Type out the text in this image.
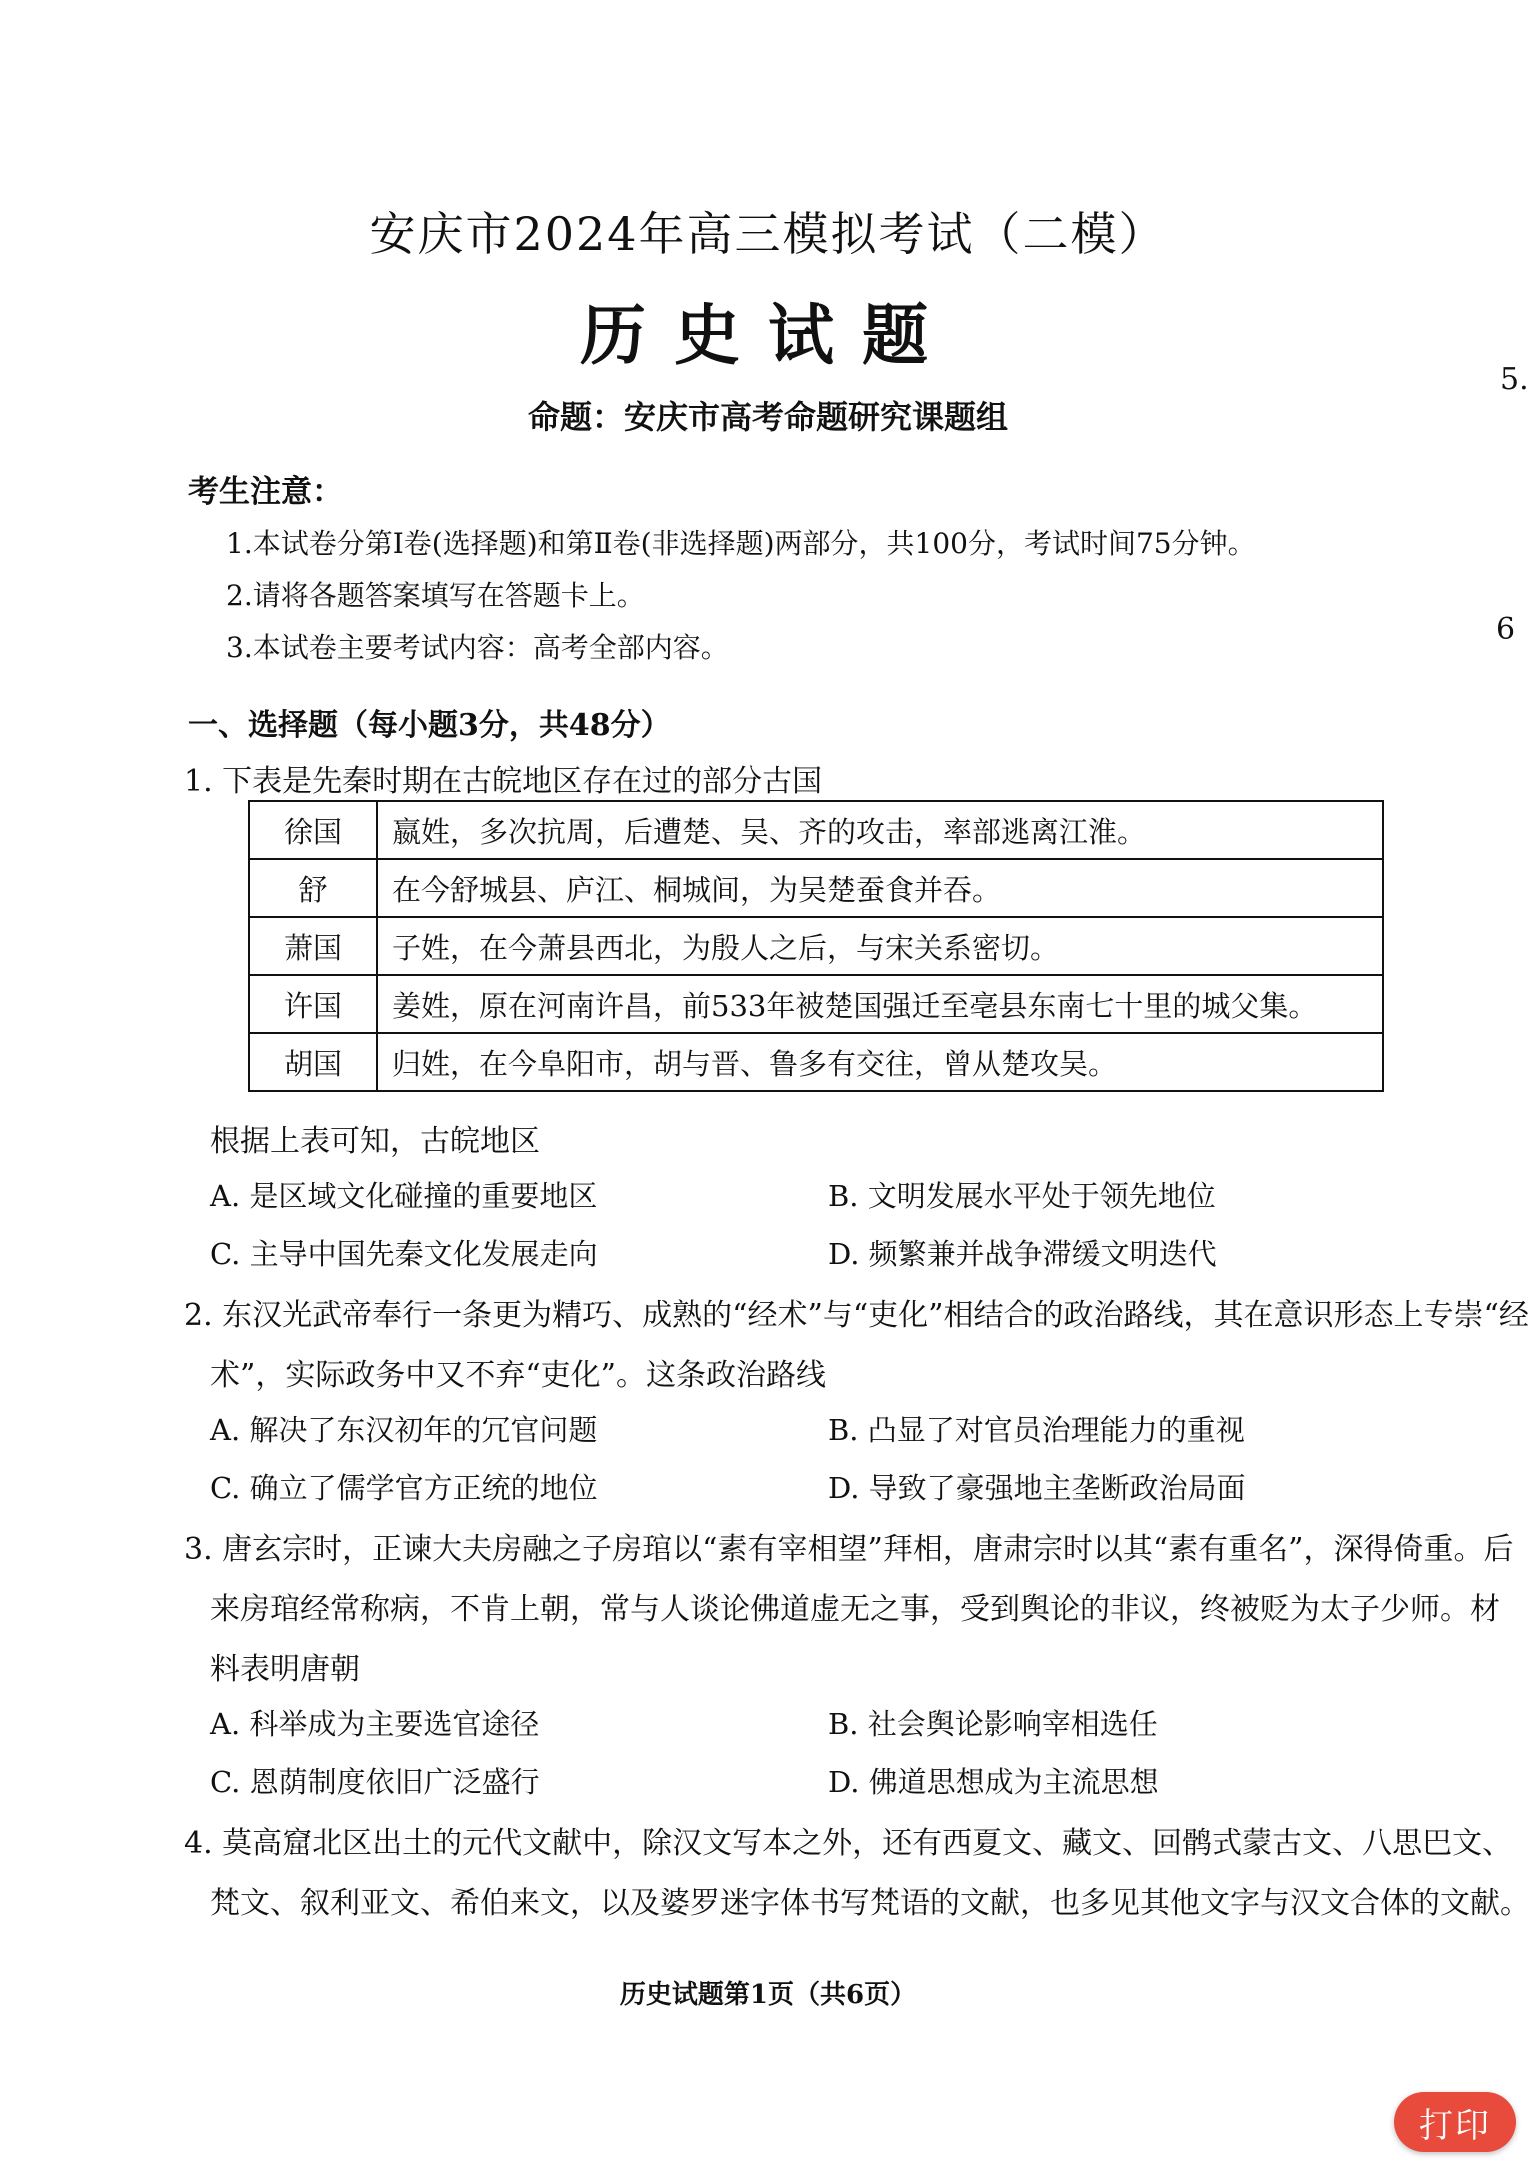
安庆市2024年高三模拟考试（二模）
历史试题
命题：安庆市高考命题研究课题组
5.
6
考生注意：
1.本试卷分第Ⅰ卷(选择题)和第Ⅱ卷(非选择题)两部分，共100分，考试时间75分钟。
2.请将各题答案填写在答题卡上。
3.本试卷主要考试内容：高考全部内容。
一、选择题（每小题3分，共48分）
1. 下表是先秦时期在古皖地区存在过的部分古国
徐国	嬴姓，多次抗周，后遭楚、吴、齐的攻击，率部逃离江淮。
舒	在今舒城县、庐江、桐城间，为吴楚蚕食并吞。
萧国	子姓，在今萧县西北，为殷人之后，与宋关系密切。
许国	姜姓，原在河南许昌，前533年被楚国强迁至亳县东南七十里的城父集。
胡国	归姓，在今阜阳市，胡与晋、鲁多有交往，曾从楚攻吴。
根据上表可知，古皖地区
A. 是区域文化碰撞的重要地区	B. 文明发展水平处于领先地位
C. 主导中国先秦文化发展走向	D. 频繁兼并战争滞缓文明迭代
2. 东汉光武帝奉行一条更为精巧、成熟的“经术”与“吏化”相结合的政治路线，其在意识形态上专崇“经
术”，实际政务中又不弃“吏化”。这条政治路线
A. 解决了东汉初年的冗官问题	B. 凸显了对官员治理能力的重视
C. 确立了儒学官方正统的地位	D. 导致了豪强地主垄断政治局面
3. 唐玄宗时，正谏大夫房融之子房琯以“素有宰相望”拜相，唐肃宗时以其“素有重名”，深得倚重。后
来房琯经常称病，不肯上朝，常与人谈论佛道虚无之事，受到舆论的非议，终被贬为太子少师。材
料表明唐朝
A. 科举成为主要选官途径	B. 社会舆论影响宰相选任
C. 恩荫制度依旧广泛盛行	D. 佛道思想成为主流思想
4. 莫高窟北区出土的元代文献中，除汉文写本之外，还有西夏文、藏文、回鹘式蒙古文、八思巴文、
梵文、叙利亚文、希伯来文，以及婆罗迷字体书写梵语的文献，也多见其他文字与汉文合体的文献。
历史试题第1页（共6页）
打印
